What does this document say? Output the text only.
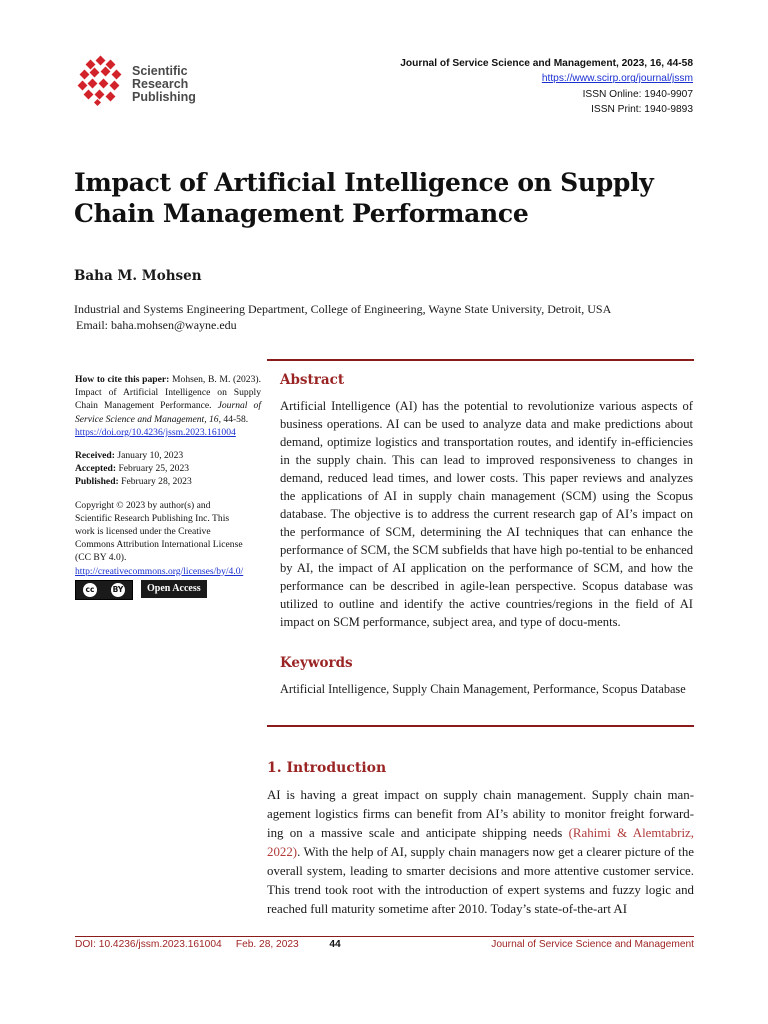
Scientific
Research
Publishing
Journal of Service Science and Management, 2023, 16, 44-58
https://www.scirp.org/journal/jssm
ISSN Online: 1940-9907
ISSN Print: 1940-9893
Impact of Artificial Intelligence on Supply
Chain Management Performance
Baha M. Mohsen
Industrial and Systems Engineering Department, College of Engineering, Wayne State University, Detroit, USA
Email: baha.mohsen@wayne.edu
How to cite this paper: Mohsen, B. M. (2023). Impact of Artificial Intelligence on Supply Chain Management Performance. Journal of Service Science and Management, 16, 44-58.
https://doi.org/10.4236/jssm.2023.161004
Received: January 10, 2023
Accepted: February 25, 2023
Published: February 28, 2023
Copyright © 2023 by author(s) and Scientific Research Publishing Inc. This work is licensed under the Creative Commons Attribution International License (CC BY 4.0).
http://creativecommons.org/licenses/by/4.0/
cc	BY	Open Access
Abstract
Artificial Intelligence (AI) has the potential to revolutionize various aspects of business operations. AI can be used to analyze data and make predictions about demand, optimize logistics and transportation routes, and identify in-efficiencies in the supply chain. This can lead to improved responsiveness to changes in demand, reduced lead times, and lower costs. This paper reviews and analyzes the applications of AI in supply chain management (SCM) using the Scopus database. The objective is to address the current research gap of AI’s impact on the performance of SCM, determining the AI techniques that can enhance the performance of SCM, the SCM subfields that have high po-tential to be enhanced by AI, the impact of AI application on the performance of SCM, and how the performance can be described in agile-lean perspective. Scopus database was utilized to outline and identify the active countries/regions in the field of AI impact on SCM performance, subject area, and type of docu-ments.
Keywords
Artificial Intelligence, Supply Chain Management, Performance, Scopus Database
1. Introduction
AI is having a great impact on supply chain management. Supply chain man-agement logistics firms can benefit from AI’s ability to monitor freight forward-ing on a massive scale and anticipate shipping needs (Rahimi & Alemtabriz, 2022). With the help of AI, supply chain managers now get a clearer picture of the overall system, leading to smarter decisions and more attentive customer service. This trend took root with the introduction of expert systems and fuzzy logic and reached full maturity sometime after 2010. Today’s state-of-the-art AI
DOI: 10.4236/jssm.2023.161004 Feb. 28, 2023	44	Journal of Service Science and Management
